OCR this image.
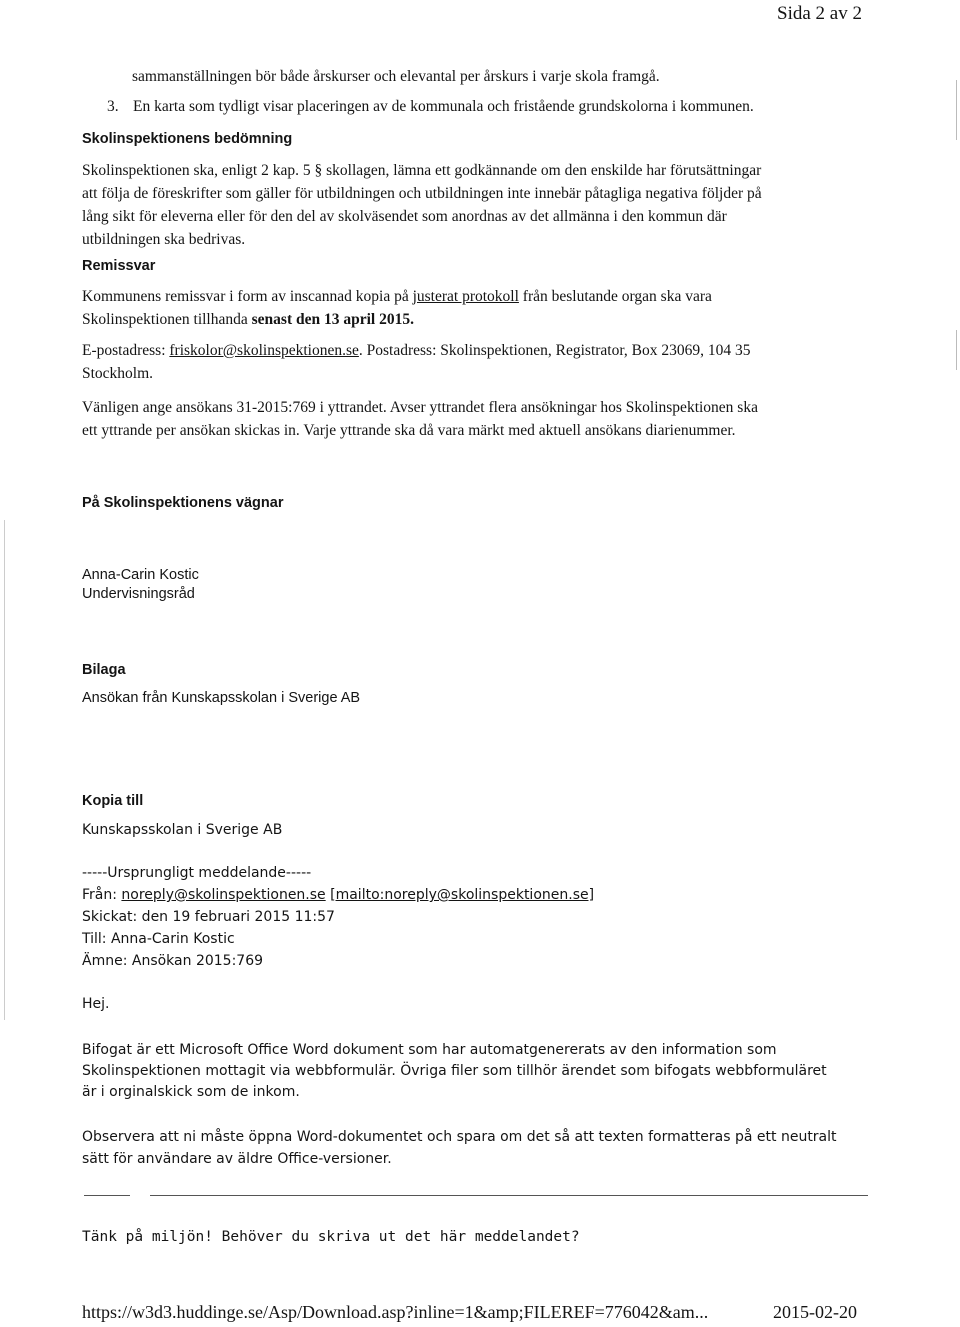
Sida 2 av 2
sammanställningen bör både årskurser och elevantal per årskurs i varje skola framgå.
3. En karta som tydligt visar placeringen av de kommunala och fristående grundskolorna i kommunen.
Skolinspektionens bedömning
Skolinspektionen ska, enligt 2 kap. 5 § skollagen, lämna ett godkännande om den enskilde har förutsättningar
att följa de föreskrifter som gäller för utbildningen och utbildningen inte innebär påtagliga negativa följder på
lång sikt för eleverna eller för den del av skolväsendet som anordnas av det allmänna i den kommun där
utbildningen ska bedrivas.
Remissvar
Kommunens remissvar i form av inscannad kopia på justerat protokoll från beslutande organ ska vara
Skolinspektionen tillhanda senast den 13 april 2015.
E-postadress: friskolor@skolinspektionen.se. Postadress: Skolinspektionen, Registrator, Box 23069, 104 35
Stockholm.
Vänligen ange ansökans 31-2015:769 i yttrandet. Avser yttrandet flera ansökningar hos Skolinspektionen ska
ett yttrande per ansökan skickas in. Varje yttrande ska då vara märkt med aktuell ansökans diarienummer.
På Skolinspektionens vägnar
Anna-Carin Kostic
Undervisningsråd
Bilaga
Ansökan från Kunskapsskolan i Sverige AB
Kopia till
Kunskapsskolan i Sverige AB
-----Ursprungligt meddelande-----
Från: noreply@skolinspektionen.se [mailto:noreply@skolinspektionen.se]
Skickat: den 19 februari 2015 11:57
Till: Anna-Carin Kostic
Ämne: Ansökan 2015:769
Hej.
Bifogat är ett Microsoft Office Word dokument som har automatgenererats av den information som
Skolinspektionen mottagit via webbformulär. Övriga filer som tillhör ärendet som bifogats webbformuläret
är i orginalskick som de inkom.
Observera att ni måste öppna Word-dokumentet och spara om det så att texten formatteras på ett neutralt
sätt för användare av äldre Office-versioner.
Tänk på miljön! Behöver du skriva ut det här meddelandet?
https://w3d3.huddinge.se/Asp/Download.asp?inline=1&amp;FILEREF=776042&am...	2015-02-20
